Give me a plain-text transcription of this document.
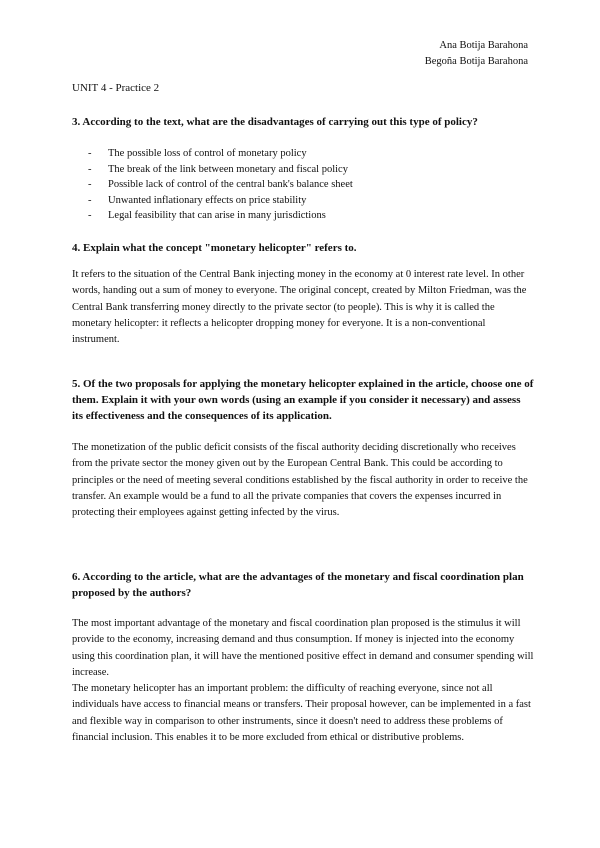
Ana Botija Barahona
Begoña Botija Barahona
UNIT 4 - Practice 2
3. According to the text, what are the disadvantages of carrying out this type of policy?
- The possible loss of control of monetary policy
- The break of the link between monetary and fiscal policy
- Possible lack of control of the central bank's balance sheet
- Unwanted inflationary effects on price stability
- Legal feasibility that can arise in many jurisdictions
4. Explain what the concept "monetary helicopter" refers to.
It refers to the situation of the Central Bank injecting money in the economy at 0 interest rate level. In other words, handing out a sum of money to everyone. The original concept, created by Milton Friedman, was the Central Bank transferring money directly to the private sector (to people). This is why it is called the monetary helicopter: it reflects a helicopter dropping money for everyone. It is a non-conventional instrument.
5. Of the two proposals for applying the monetary helicopter explained in the article, choose one of them. Explain it with your own words (using an example if you consider it necessary) and assess its effectiveness and the consequences of its application.
The monetization of the public deficit consists of the fiscal authority deciding discretionally who receives from the private sector the money given out by the European Central Bank. This could be according to principles or the need of meeting several conditions established by the fiscal authority in order to receive the transfer. An example would be a fund to all the private companies that covers the expenses incurred in protecting their employees against getting infected by the virus.
6. According to the article, what are the advantages of the monetary and fiscal coordination plan proposed by the authors?
The most important advantage of the monetary and fiscal coordination plan proposed is the stimulus it will provide to the economy, increasing demand and thus consumption. If money is injected into the economy using this coordination plan, it will have the mentioned positive effect in demand and consumer spending will increase.
The monetary helicopter has an important problem: the difficulty of reaching everyone, since not all individuals have access to financial means or transfers. Their proposal however, can be implemented in a fast and flexible way in comparison to other instruments, since it doesn't need to address these problems of financial inclusion. This enables it to be more excluded from ethical or distributive problems.
